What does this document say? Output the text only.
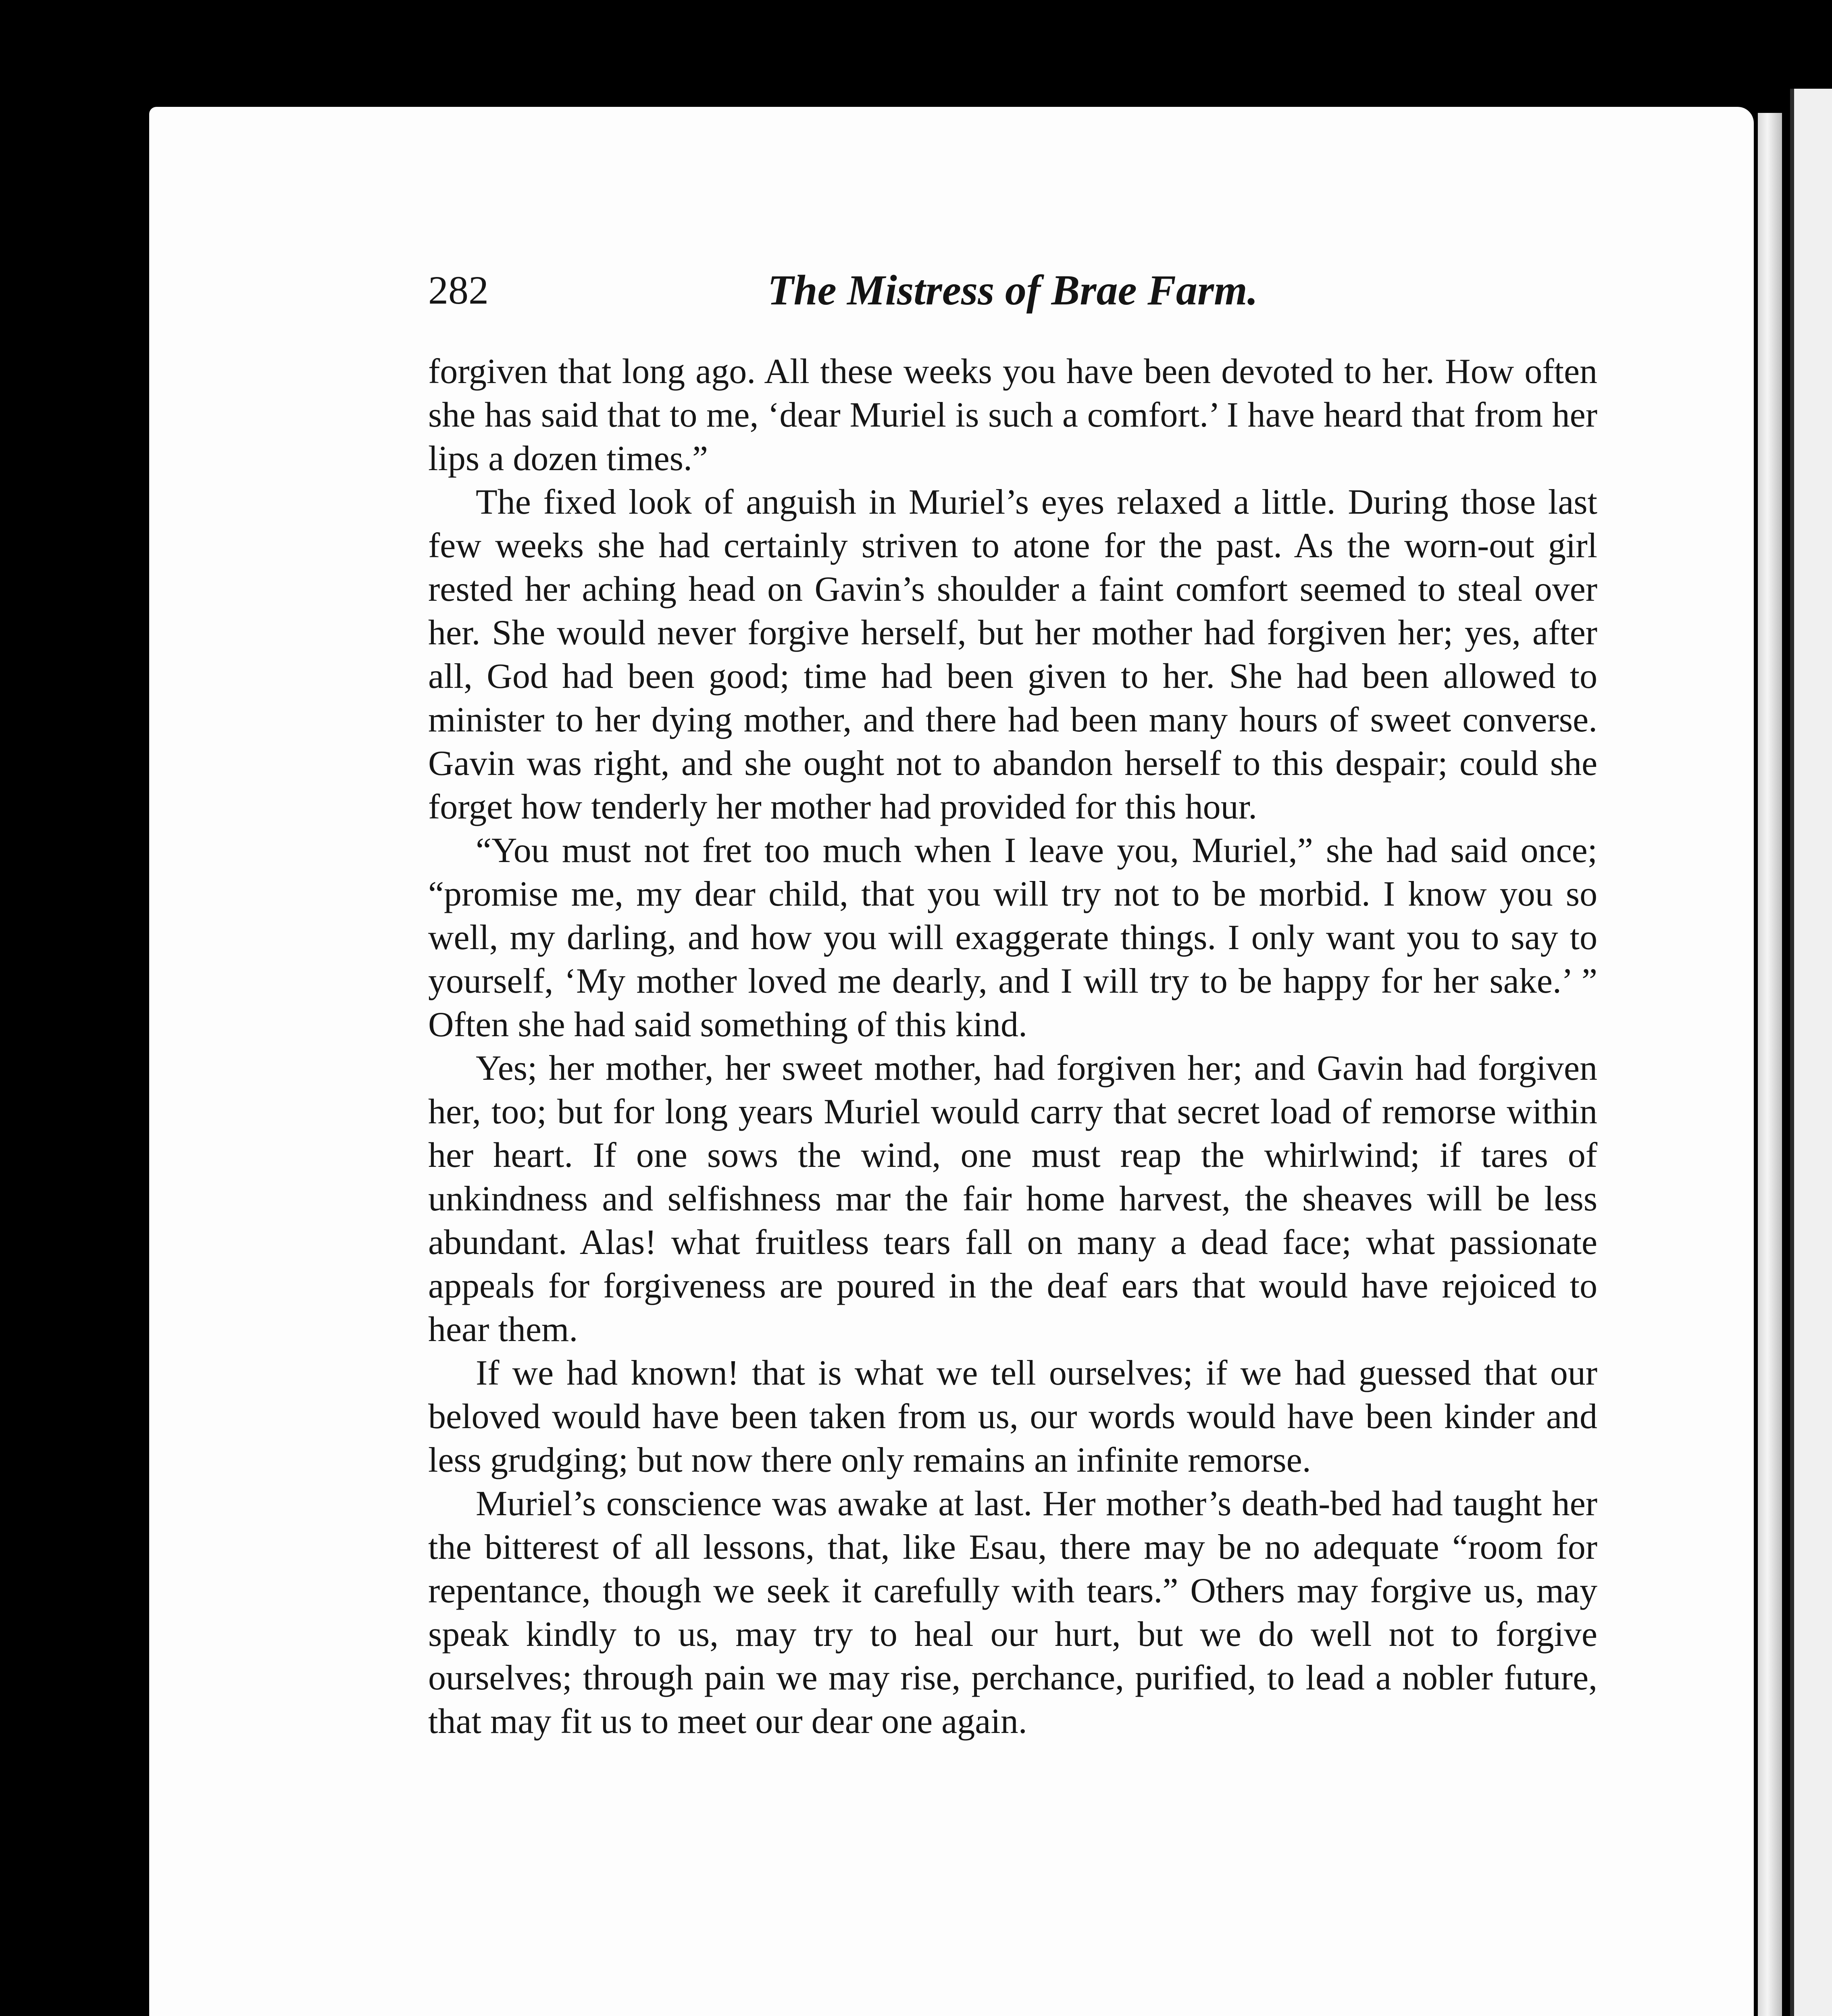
282	The Mistress of Brae Farm.

forgiven that long ago. All these weeks you have been devoted to her. How often she has said that to me, ‘dear Muriel is such a comfort.’ I have heard that from her lips a dozen times.”

The fixed look of anguish in Muriel’s eyes relaxed a little. During those last few weeks she had certainly striven to atone for the past. As the worn-out girl rested her aching head on Gavin’s shoulder a faint comfort seemed to steal over her. She would never forgive herself, but her mother had forgiven her; yes, after all, God had been good; time had been given to her. She had been allowed to minister to her dying mother, and there had been many hours of sweet converse. Gavin was right, and she ought not to abandon herself to this despair; could she forget how tenderly her mother had provided for this hour.

“You must not fret too much when I leave you, Muriel,” she had said once; “promise me, my dear child, that you will try not to be morbid. I know you so well, my darling, and how you will exaggerate things. I only want you to say to yourself, ‘My mother loved me dearly, and I will try to be happy for her sake.’ ” Often she had said something of this kind.

Yes; her mother, her sweet mother, had forgiven her; and Gavin had forgiven her, too; but for long years Muriel would carry that secret load of remorse within her heart. If one sows the wind, one must reap the whirlwind; if tares of unkindness and selfishness mar the fair home harvest, the sheaves will be less abundant. Alas! what fruitless tears fall on many a dead face; what passionate appeals for forgiveness are poured in the deaf ears that would have rejoiced to hear them.

If we had known! that is what we tell ourselves; if we had guessed that our beloved would have been taken from us, our words would have been kinder and less grudging; but now there only remains an infinite remorse.

Muriel’s conscience was awake at last. Her mother’s death-bed had taught her the bitterest of all lessons, that, like Esau, there may be no adequate “room for repentance, though we seek it carefully with tears.” Others may forgive us, may speak kindly to us, may try to heal our hurt, but we do well not to forgive ourselves; through pain we may rise, perchance, purified, to lead a nobler future, that may fit us to meet our dear one again.
